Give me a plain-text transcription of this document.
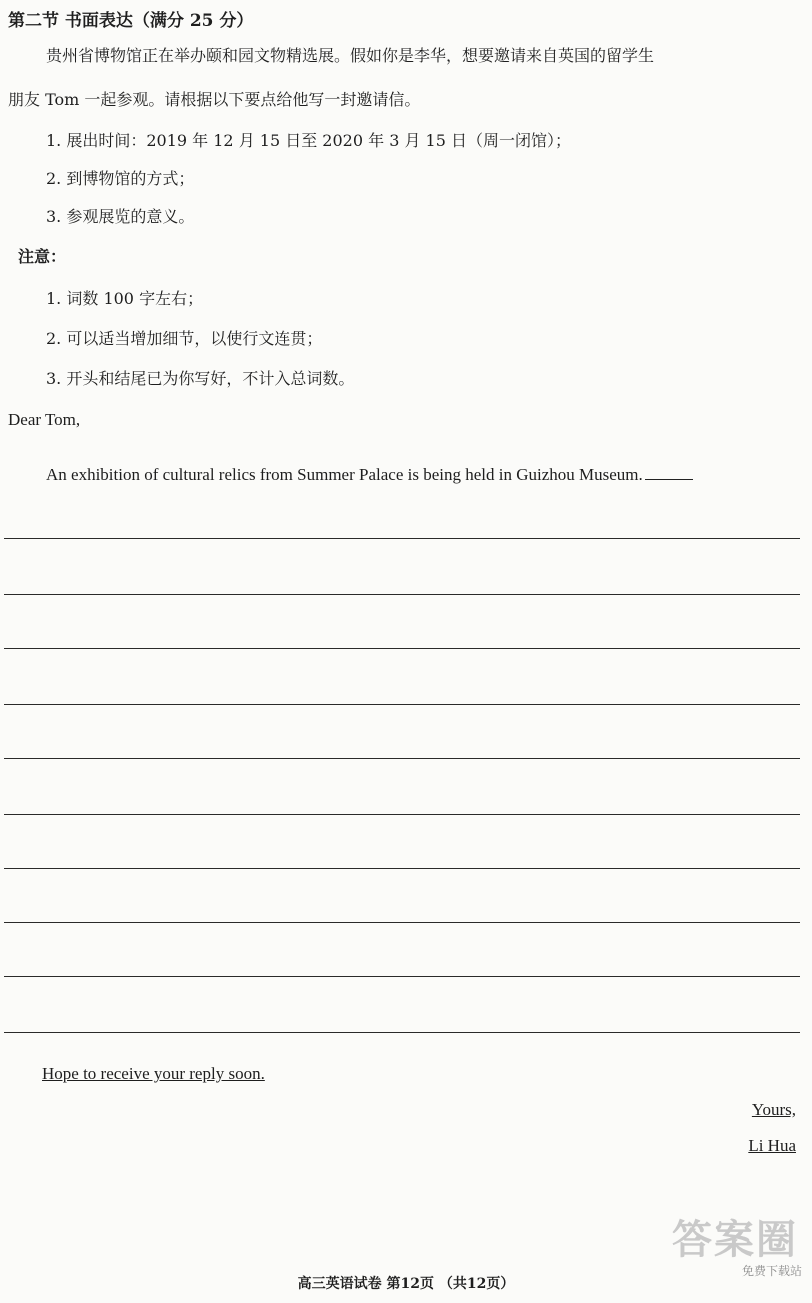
第二节 书面表达（满分 25 分）
贵州省博物馆正在举办颐和园文物精选展。假如你是李华，想要邀请来自英国的留学生
朋友 Tom 一起参观。请根据以下要点给他写一封邀请信。
1. 展出时间：2019 年 12 月 15 日至 2020 年 3 月 15 日（周一闭馆）；
2. 到博物馆的方式；
3. 参观展览的意义。
注意：
1. 词数 100 字左右；
2. 可以适当增加细节，以使行文连贯；
3. 开头和结尾已为你写好，不计入总词数。
Dear Tom,
An exhibition of cultural relics from Summer Palace is being held in Guizhou Museum.
Hope to receive your reply soon.
Yours,
Li Hua
答案圈
免费下载站
高三英语试卷 第12页 （共12页）
